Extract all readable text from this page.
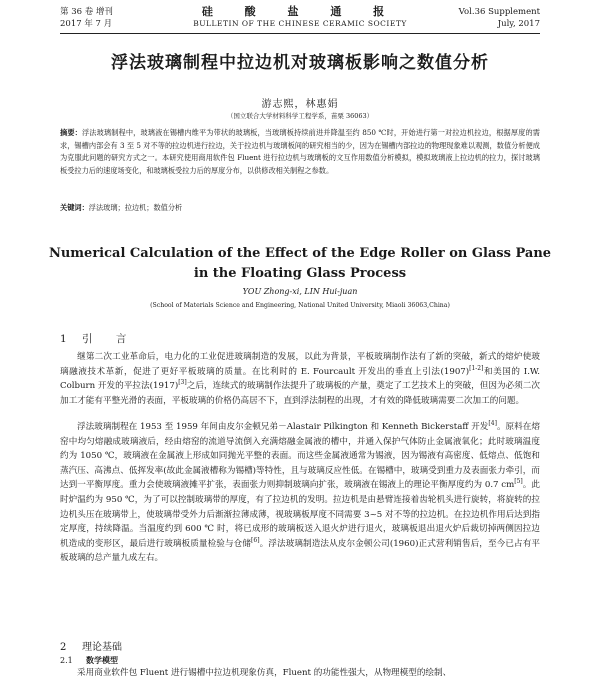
第 36 卷 增刊
2017 年 7 月
硅 酸 盐 通 报
BULLETIN OF THE CHINESE CERAMIC SOCIETY
Vol.36 Supplement
July, 2017
浮法玻璃制程中拉边机对玻璃板影响之数值分析
游志熙，林惠娟
（国立联合大学材料科学工程学系，苗栗 36063）
摘要：浮法玻璃制程中，玻璃液在锡槽内维平为带状的玻璃板，当玻璃板持续前进并降温至约 850 ℃时，开始进行第一对拉边机拉边，根据厚度的需求，锡槽内部会有 3 至 5 对不等的拉边机进行拉边，关于拉边机与玻璃板间的研究相当的少，因为在锡槽内部拉边的物理现象难以观测，数值分析便成为克服此问题的研究方式之一。本研究使用商用软件包 Fluent 进行拉边机与玻璃板的文互作用数值分析模拟，模拟玻璃液上拉边机的拉力，探讨玻璃板受拉力后的速度场变化，和玻璃板受拉力后的厚度分布，以供修改相关制程之参数。
关键词：浮法玻璃；拉边机；数值分析
Numerical Calculation of the Effect of the Edge Roller on Glass Pane
in the Floating Glass Process
YOU Zhong-xi, LIN Hui-juan
(School of Materials Science and Engineering, National United University, Miaoli 36063,China)
1 引 言
继第二次工业革命后，电力化的工业促进玻璃制造的发展，以此为背景，平板玻璃制作法有了新的突破，新式的熔炉使玻璃融液技术革新，促进了更好平板玻璃的质量。在比利时的 E. Fourcault 开发出的垂直上引法(1907)[1-2]和美国的 I.W. Colburn 开发的平拉法(1917)[3]之后，连续式的玻璃制作法提升了玻璃板的产量，奠定了工艺技术上的突破，但因为必须二次加工才能有平整光滑的表面，平板玻璃的价格仍高居不下，直到浮法制程的出现，才有效的降低玻璃需要二次加工的问题。
浮法玻璃制程在 1953 至 1959 年间由皮尔金顿兄弟－Alastair Pilkington 和 Kenneth Bickerstaff 开发[4]。原料在熔窑中均匀熔融成玻璃液后，经由熔窑的流道导流倒入充满熔融金属液的槽中，并通入保护气体防止金属液氧化；此时玻璃温度约为 1050 ℃，玻璃液在金属液上形成如同抛光平整的表面。而这些金属液通常为锡液，因为锡液有高密度、低熔点、低饱和蒸汽压、高沸点、低挥发率(故此金属液槽称为锡槽)等特性，且与玻璃反应性低。在锡槽中，玻璃受到重力及表面张力牵引，而达到一平衡厚度。重力会使玻璃液摊平扩张，表面张力则抑制玻璃向扩张，玻璃液在锡液上的理论平衡厚度约为 0.7 cm[5]。此时炉温约为 950 ℃，为了可以控制玻璃带的厚度，有了拉边机的发明。拉边机是由悬臂连接着齿轮机头进行旋转，将旋转的拉边机头压在玻璃带上，使玻璃带受外力后渐渐拉薄成薄，视玻璃板厚度不同需要 3~5 对不等的拉边机。在拉边机作用后达到指定厚度，持续降温。当温度约到 600 ℃ 时，将已成形的玻璃板送入退火炉进行退火，玻璃板退出退火炉后裁切掉两侧因拉边机造成的变形区，最后进行玻璃板质量检验与仓储[6]。浮法玻璃制造法从皮尔金顿公司(1960)正式营利销售后，至今已占有平板玻璃的总产量九成左右。
2 理论基础
2.1 数学模型
采用商业软件包 Fluent 进行锡槽中拉边机现象仿真，Fluent 的功能性强大，从物理模型的绘制、
